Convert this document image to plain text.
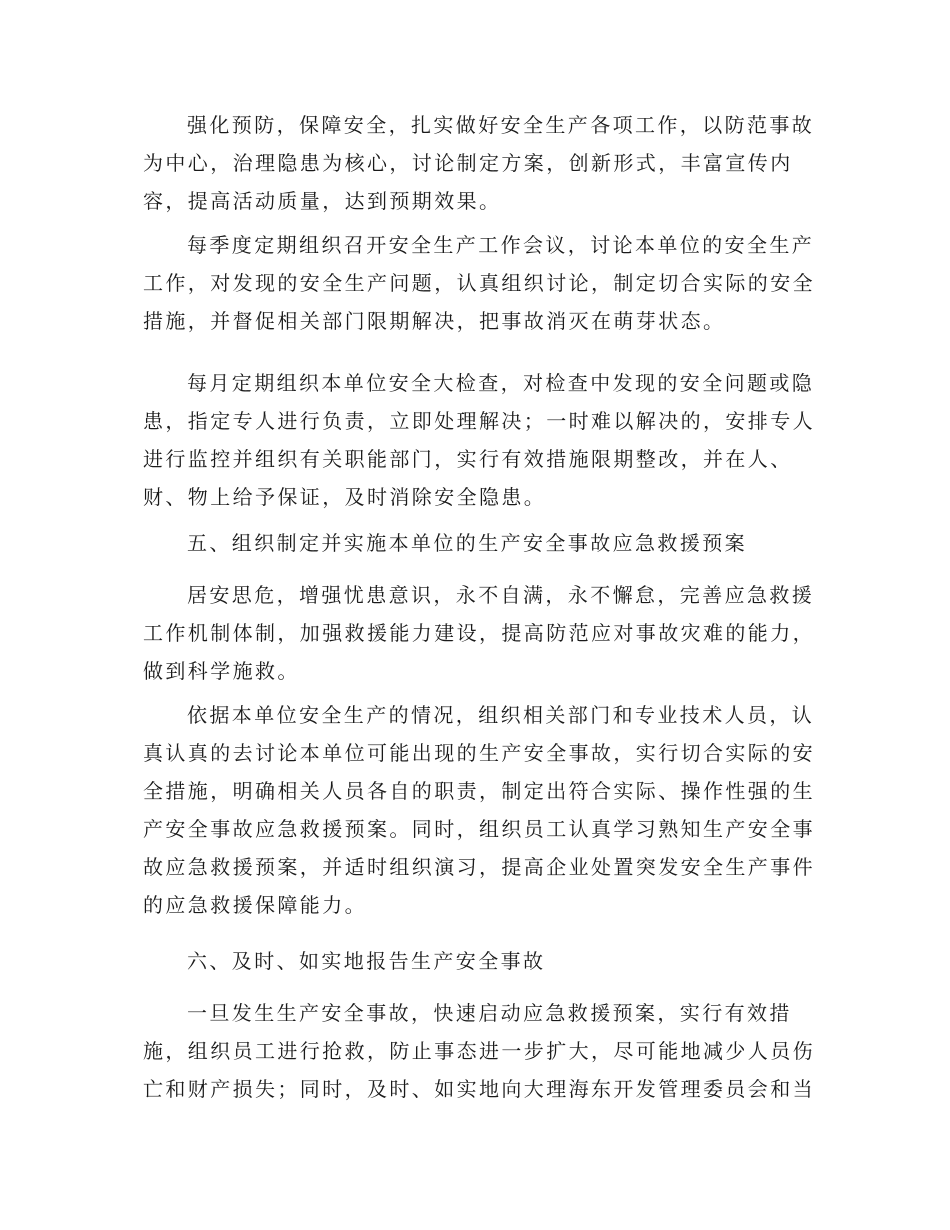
强化预防，保障安全，扎实做好安全生产各项工作，以防范事故
为中心，治理隐患为核心，讨论制定方案，创新形式，丰富宣传内
容，提高活动质量，达到预期效果。
每季度定期组织召开安全生产工作会议，讨论本单位的安全生产
工作，对发现的安全生产问题，认真组织讨论，制定切合实际的安全
措施，并督促相关部门限期解决，把事故消灭在萌芽状态。
每月定期组织本单位安全大检查，对检查中发现的安全问题或隐
患，指定专人进行负责，立即处理解决；一时难以解决的，安排专人
进行监控并组织有关职能部门，实行有效措施限期整改，并在人、
财、物上给予保证，及时消除安全隐患。
五、组织制定并实施本单位的生产安全事故应急救援预案
居安思危，增强忧患意识，永不自满，永不懈怠，完善应急救援
工作机制体制，加强救援能力建设，提高防范应对事故灾难的能力，
做到科学施救。
依据本单位安全生产的情况，组织相关部门和专业技术人员，认
真认真的去讨论本单位可能出现的生产安全事故，实行切合实际的安
全措施，明确相关人员各自的职责，制定出符合实际、操作性强的生
产安全事故应急救援预案。同时，组织员工认真学习熟知生产安全事
故应急救援预案，并适时组织演习，提高企业处置突发安全生产事件
的应急救援保障能力。
六、及时、如实地报告生产安全事故
一旦发生生产安全事故，快速启动应急救援预案，实行有效措
施，组织员工进行抢救，防止事态进一步扩大，尽可能地减少人员伤
亡和财产损失；同时，及时、如实地向大理海东开发管理委员会和当
